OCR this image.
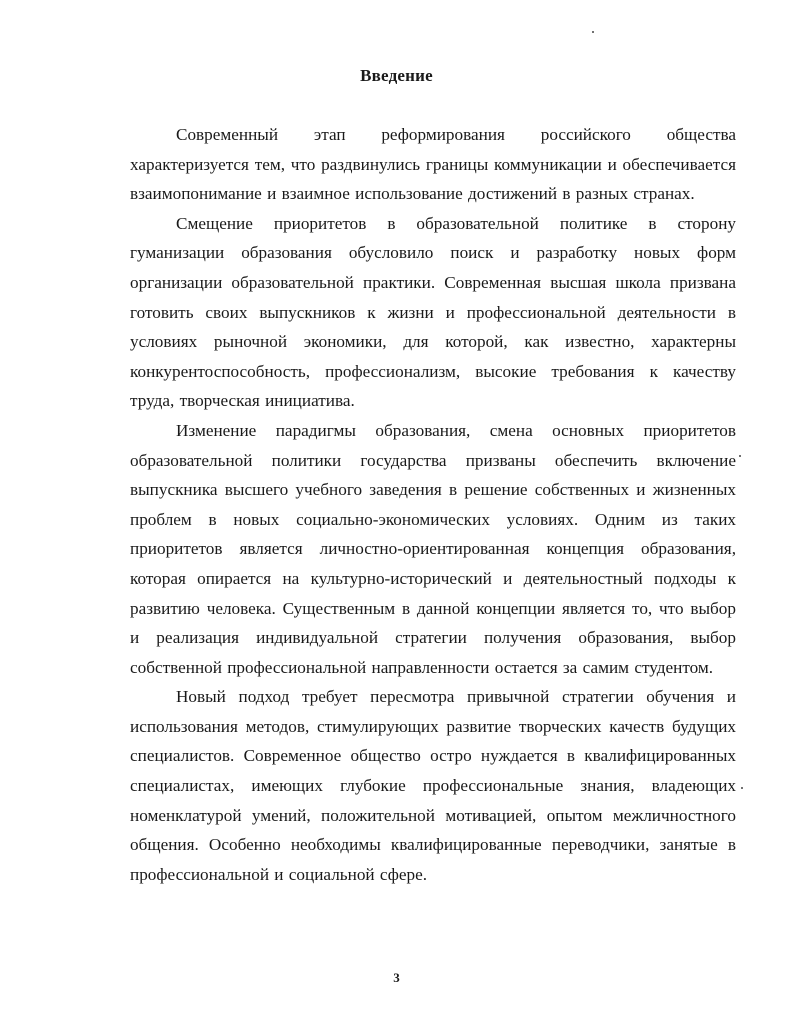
Введение

Современный этап реформирования российского общества характеризуется тем, что раздвинулись границы коммуникации и обеспечивается взаимопонимание и взаимное использование достижений в разных странах.

Смещение приоритетов в образовательной политике в сторону гуманизации образования обусловило поиск и разработку новых форм организации образовательной практики. Современная высшая школа призвана готовить своих выпускников к жизни и профессиональной деятельности в условиях рыночной экономики, для которой, как известно, характерны конкурентоспособность, профессионализм, высокие требования к качеству труда, творческая инициатива.

Изменение парадигмы образования, смена основных приоритетов образовательной политики государства призваны обеспечить включение выпускника высшего учебного заведения в решение собственных и жизненных проблем в новых социально-экономических условиях. Одним из таких приоритетов является личностно-ориентированная концепция образования, которая опирается на культурно-исторический и деятельностный подходы к развитию человека. Существенным в данной концепции является то, что выбор и реализация индивидуальной стратегии получения образования, выбор собственной профессиональной направленности остается за самим студентом.

Новый подход требует пересмотра привычной стратегии обучения и использования методов, стимулирующих развитие творческих качеств будущих специалистов. Современное общество остро нуждается в квалифицированных специалистах, имеющих глубокие профессиональные знания, владеющих номенклатурой умений, положительной мотивацией, опытом межличностного общения. Особенно необходимы квалифицированные переводчики, занятые в профессиональной и социальной сфере.

3
